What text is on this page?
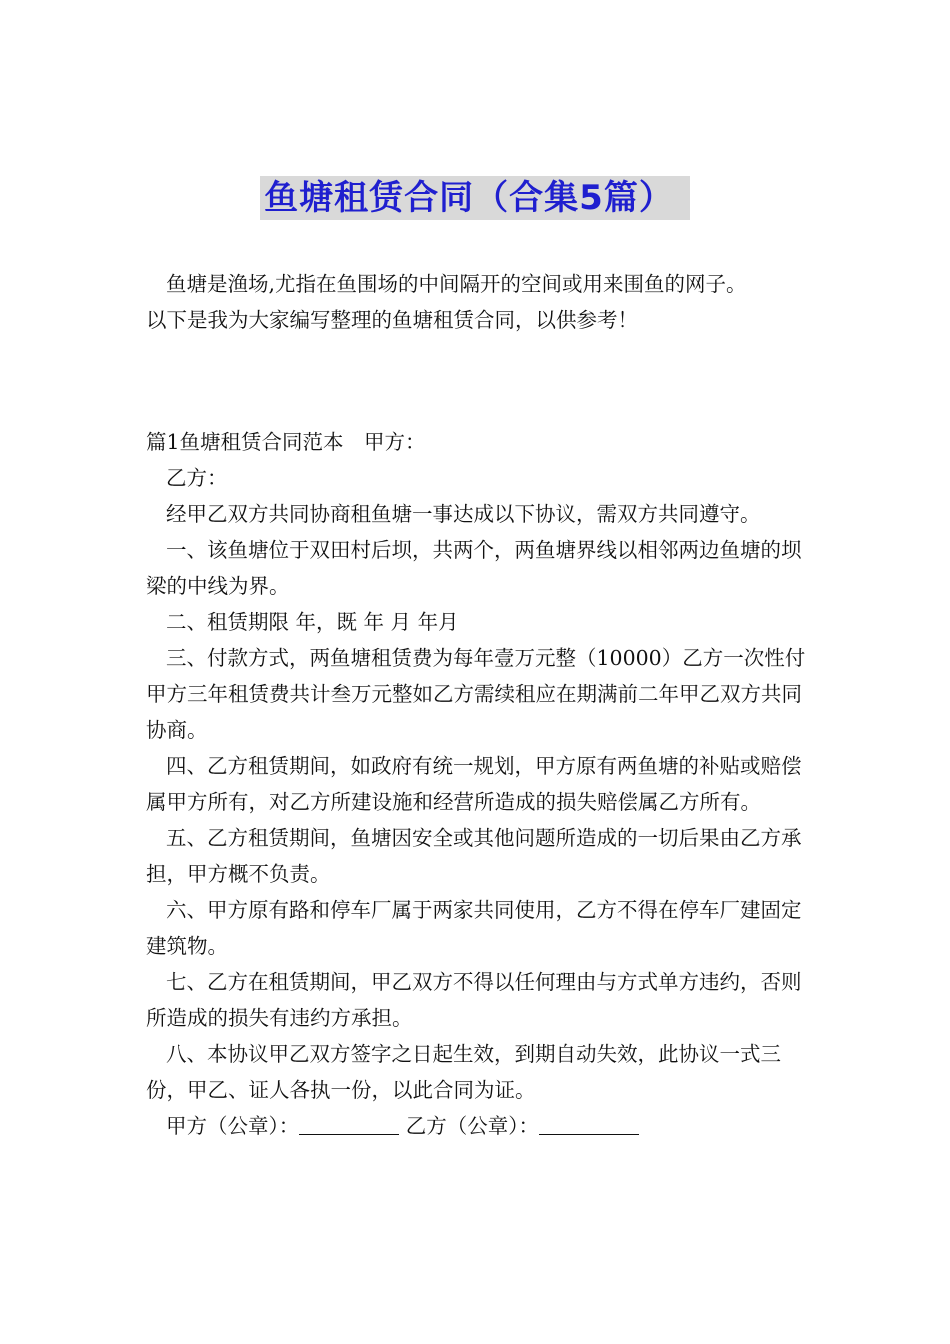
鱼塘租赁合同（合集5篇）

鱼塘是渔场,尤指在鱼围场的中间隔开的空间或用来围鱼的网子。

以下是我为大家编写整理的鱼塘租赁合同，以供参考！

篇1鱼塘租赁合同范本　甲方：

乙方：

经甲乙双方共同协商租鱼塘一事达成以下协议，需双方共同遵守。

一、该鱼塘位于双田村后坝，共两个，两鱼塘界线以相邻两边鱼塘的坝梁的中线为界。

二、租赁期限 年，既 年 月 年月

三、付款方式，两鱼塘租赁费为每年壹万元整（10000）乙方一次性付甲方三年租赁费共计叁万元整如乙方需续租应在期满前二年甲乙双方共同协商。

四、乙方租赁期间，如政府有统一规划，甲方原有两鱼塘的补贴或赔偿属甲方所有，对乙方所建设施和经营所造成的损失赔偿属乙方所有。

五、乙方租赁期间，鱼塘因安全或其他问题所造成的一切后果由乙方承担，甲方概不负责。

六、甲方原有路和停车厂属于两家共同使用，乙方不得在停车厂建固定建筑物。

七、乙方在租赁期间，甲乙双方不得以任何理由与方式单方违约，否则 所造成的损失有违约方承担。

八、本协议甲乙双方签字之日起生效，到期自动失效，此协议一式三份，甲乙、证人各执一份，以此合同为证。

甲方（公章）：	乙方（公章）：
